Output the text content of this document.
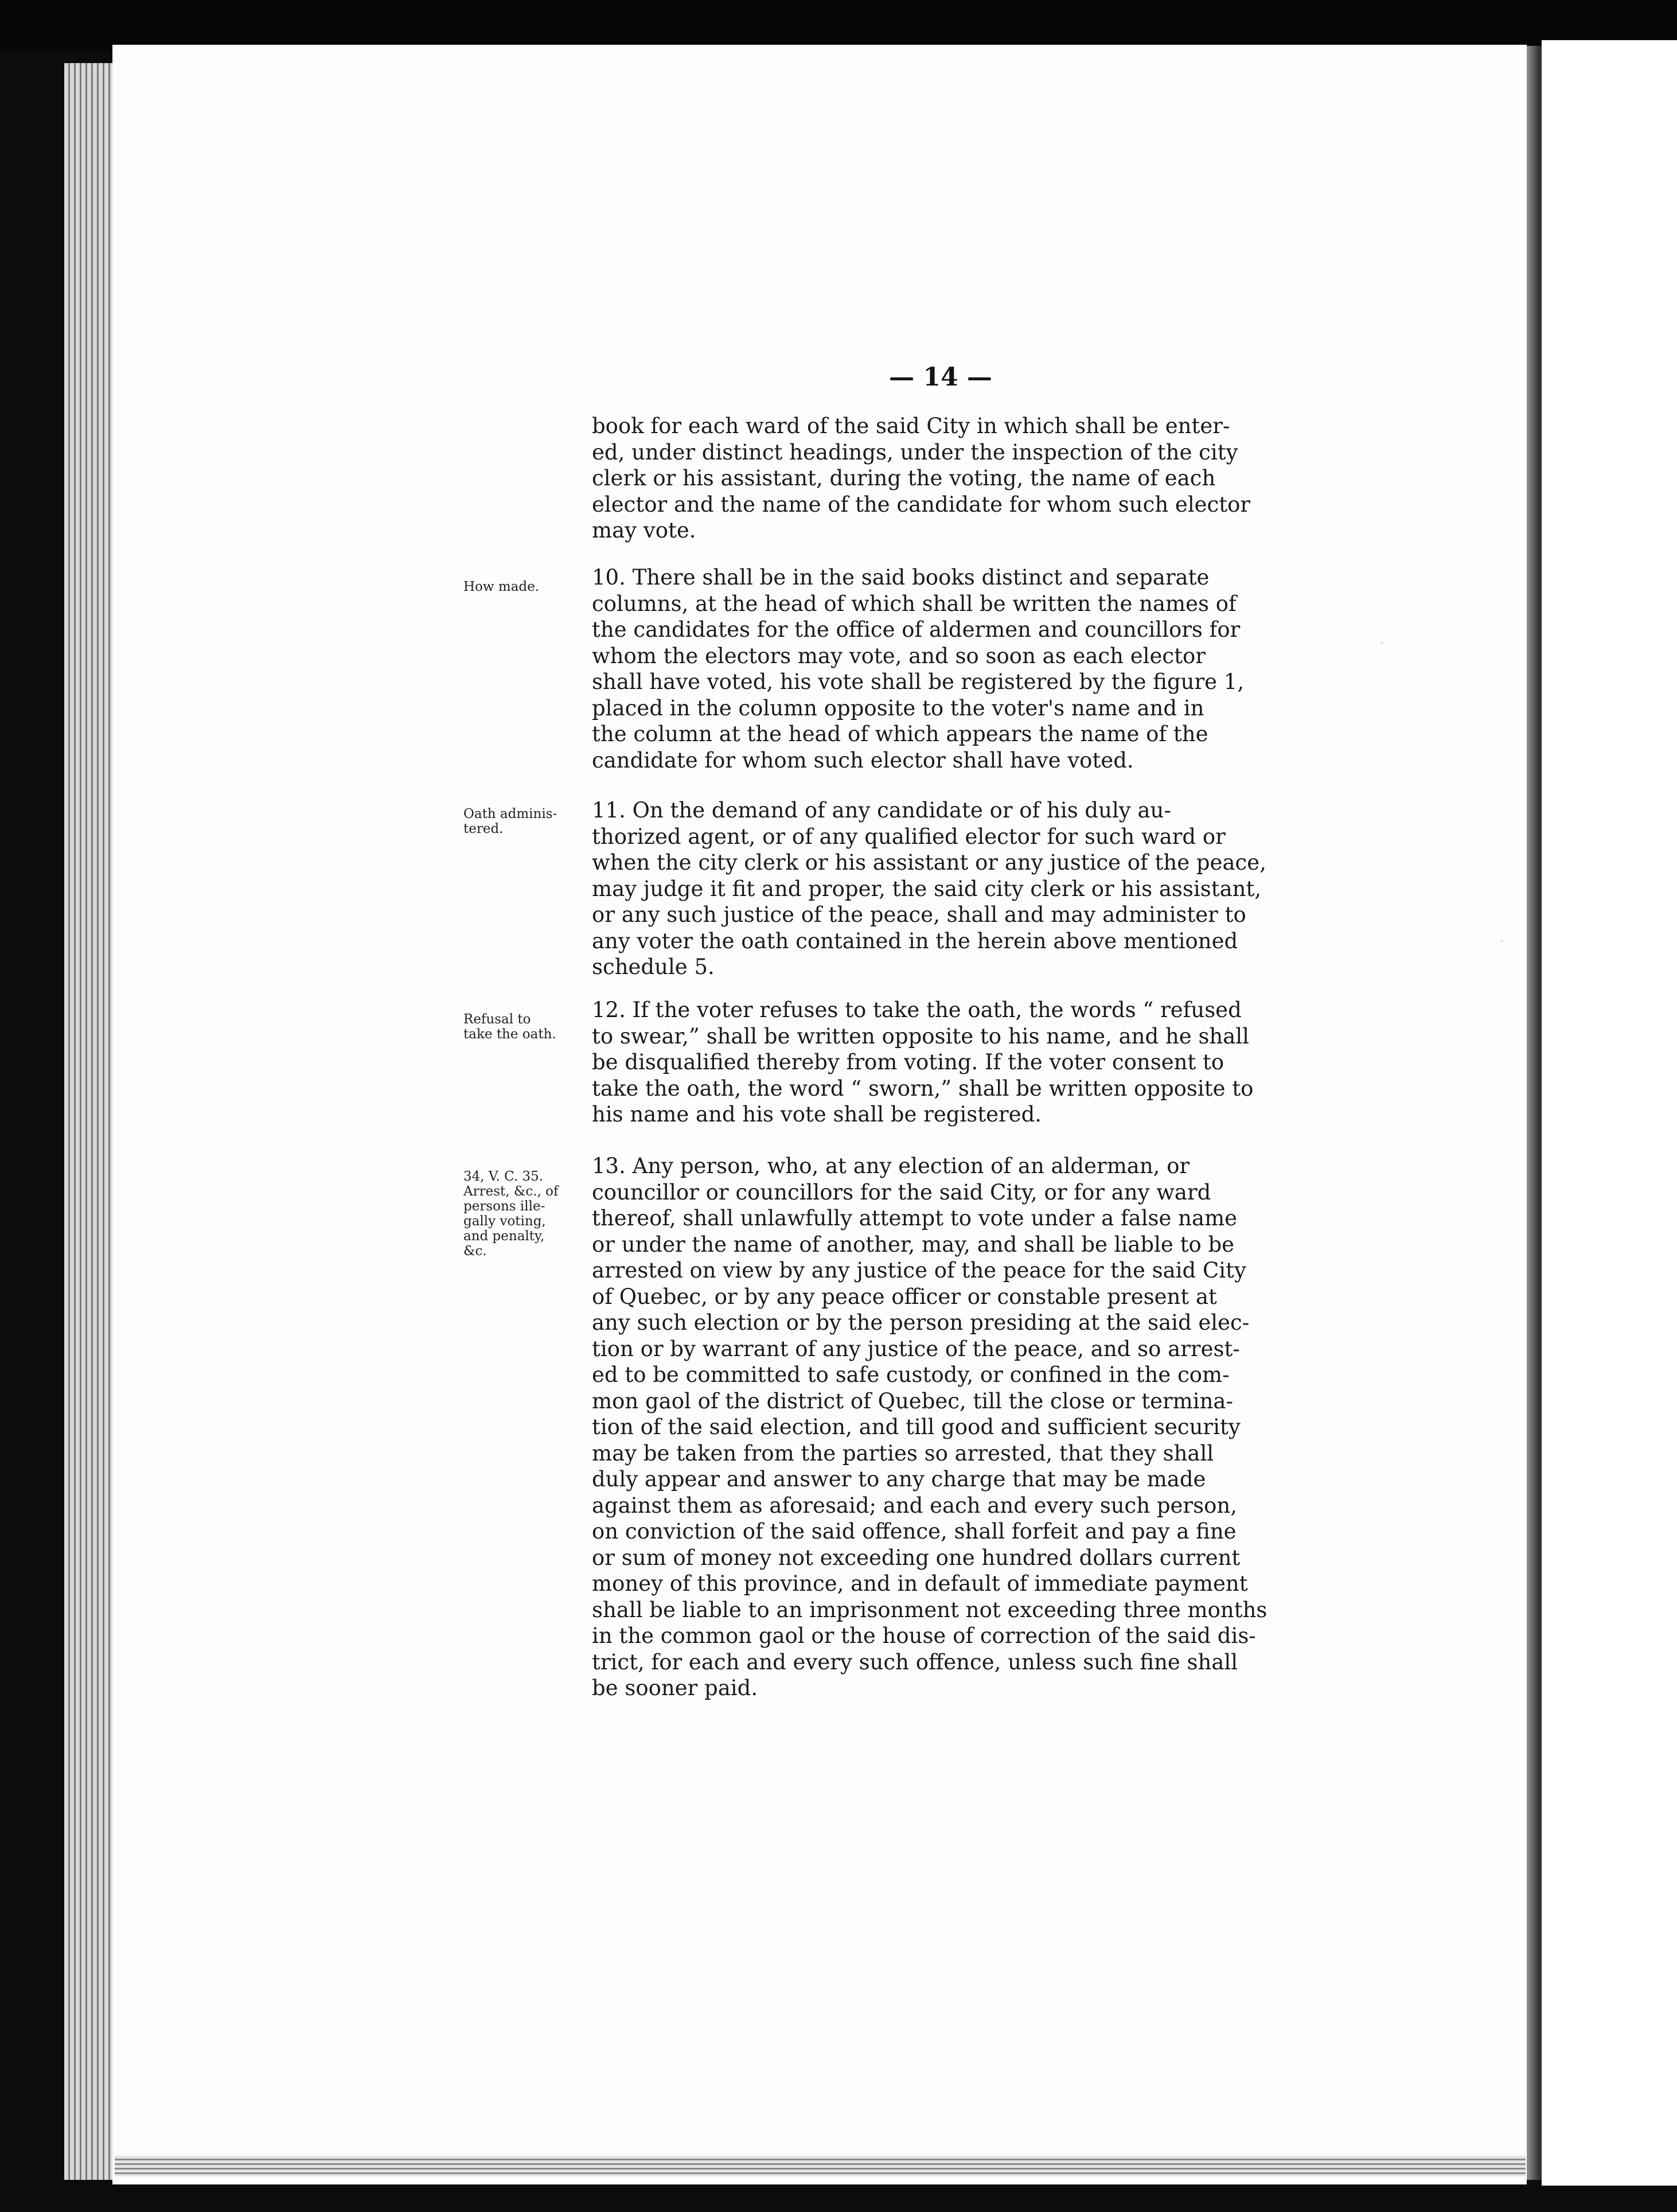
— 14 —

book for each ward of the said City in which shall be enter-
ed, under distinct headings, under the inspection of the city
clerk or his assistant, during the voting, the name of each
elector and the name of the candidate for whom such elector
may vote.

How made.	10. There shall be in the said books distinct and separate
columns, at the head of which shall be written the names of
the candidates for the office of aldermen and councillors for
whom the electors may vote, and so soon as each elector
shall have voted, his vote shall be registered by the figure 1,
placed in the column opposite to the voter's name and in
the column at the head of which appears the name of the
candidate for whom such elector shall have voted.

Oath adminis-
tered.

11. On the demand of any candidate or of his duly au-
thorized agent, or of any qualified elector for such ward or
when the city clerk or his assistant or any justice of the peace,
may judge it fit and proper, the said city clerk or his assistant,
or any such justice of the peace, shall and may administer to
any voter the oath contained in the herein above mentioned
schedule 5.

Refusal to
take the oath.

12. If the voter refuses to take the oath, the words “ refused
to swear,” shall be written opposite to his name, and he shall
be disqualified thereby from voting. If the voter consent to
take the oath, the word “ sworn,” shall be written opposite to
his name and his vote shall be registered.

34, V. C. 35.
Arrest, &c., of
persons ille-
gally voting,
and penalty,
&c.

13. Any person, who, at any election of an alderman, or
councillor or councillors for the said City, or for any ward
thereof, shall unlawfully attempt to vote under a false name
or under the name of another, may, and shall be liable to be
arrested on view by any justice of the peace for the said City
of Quebec, or by any peace officer or constable present at
any such election or by the person presiding at the said elec-
tion or by warrant of any justice of the peace, and so arrest-
ed to be committed to safe custody, or confined in the com-
mon gaol of the district of Quebec, till the close or termina-
tion of the said election, and till good and sufficient security
may be taken from the parties so arrested, that they shall
duly appear and answer to any charge that may be made
against them as aforesaid; and each and every such person,
on conviction of the said offence, shall forfeit and pay a fine
or sum of money not exceeding one hundred dollars current
money of this province, and in default of immediate payment
shall be liable to an imprisonment not exceeding three months
in the common gaol or the house of correction of the said dis-
trict, for each and every such offence, unless such fine shall
be sooner paid.
